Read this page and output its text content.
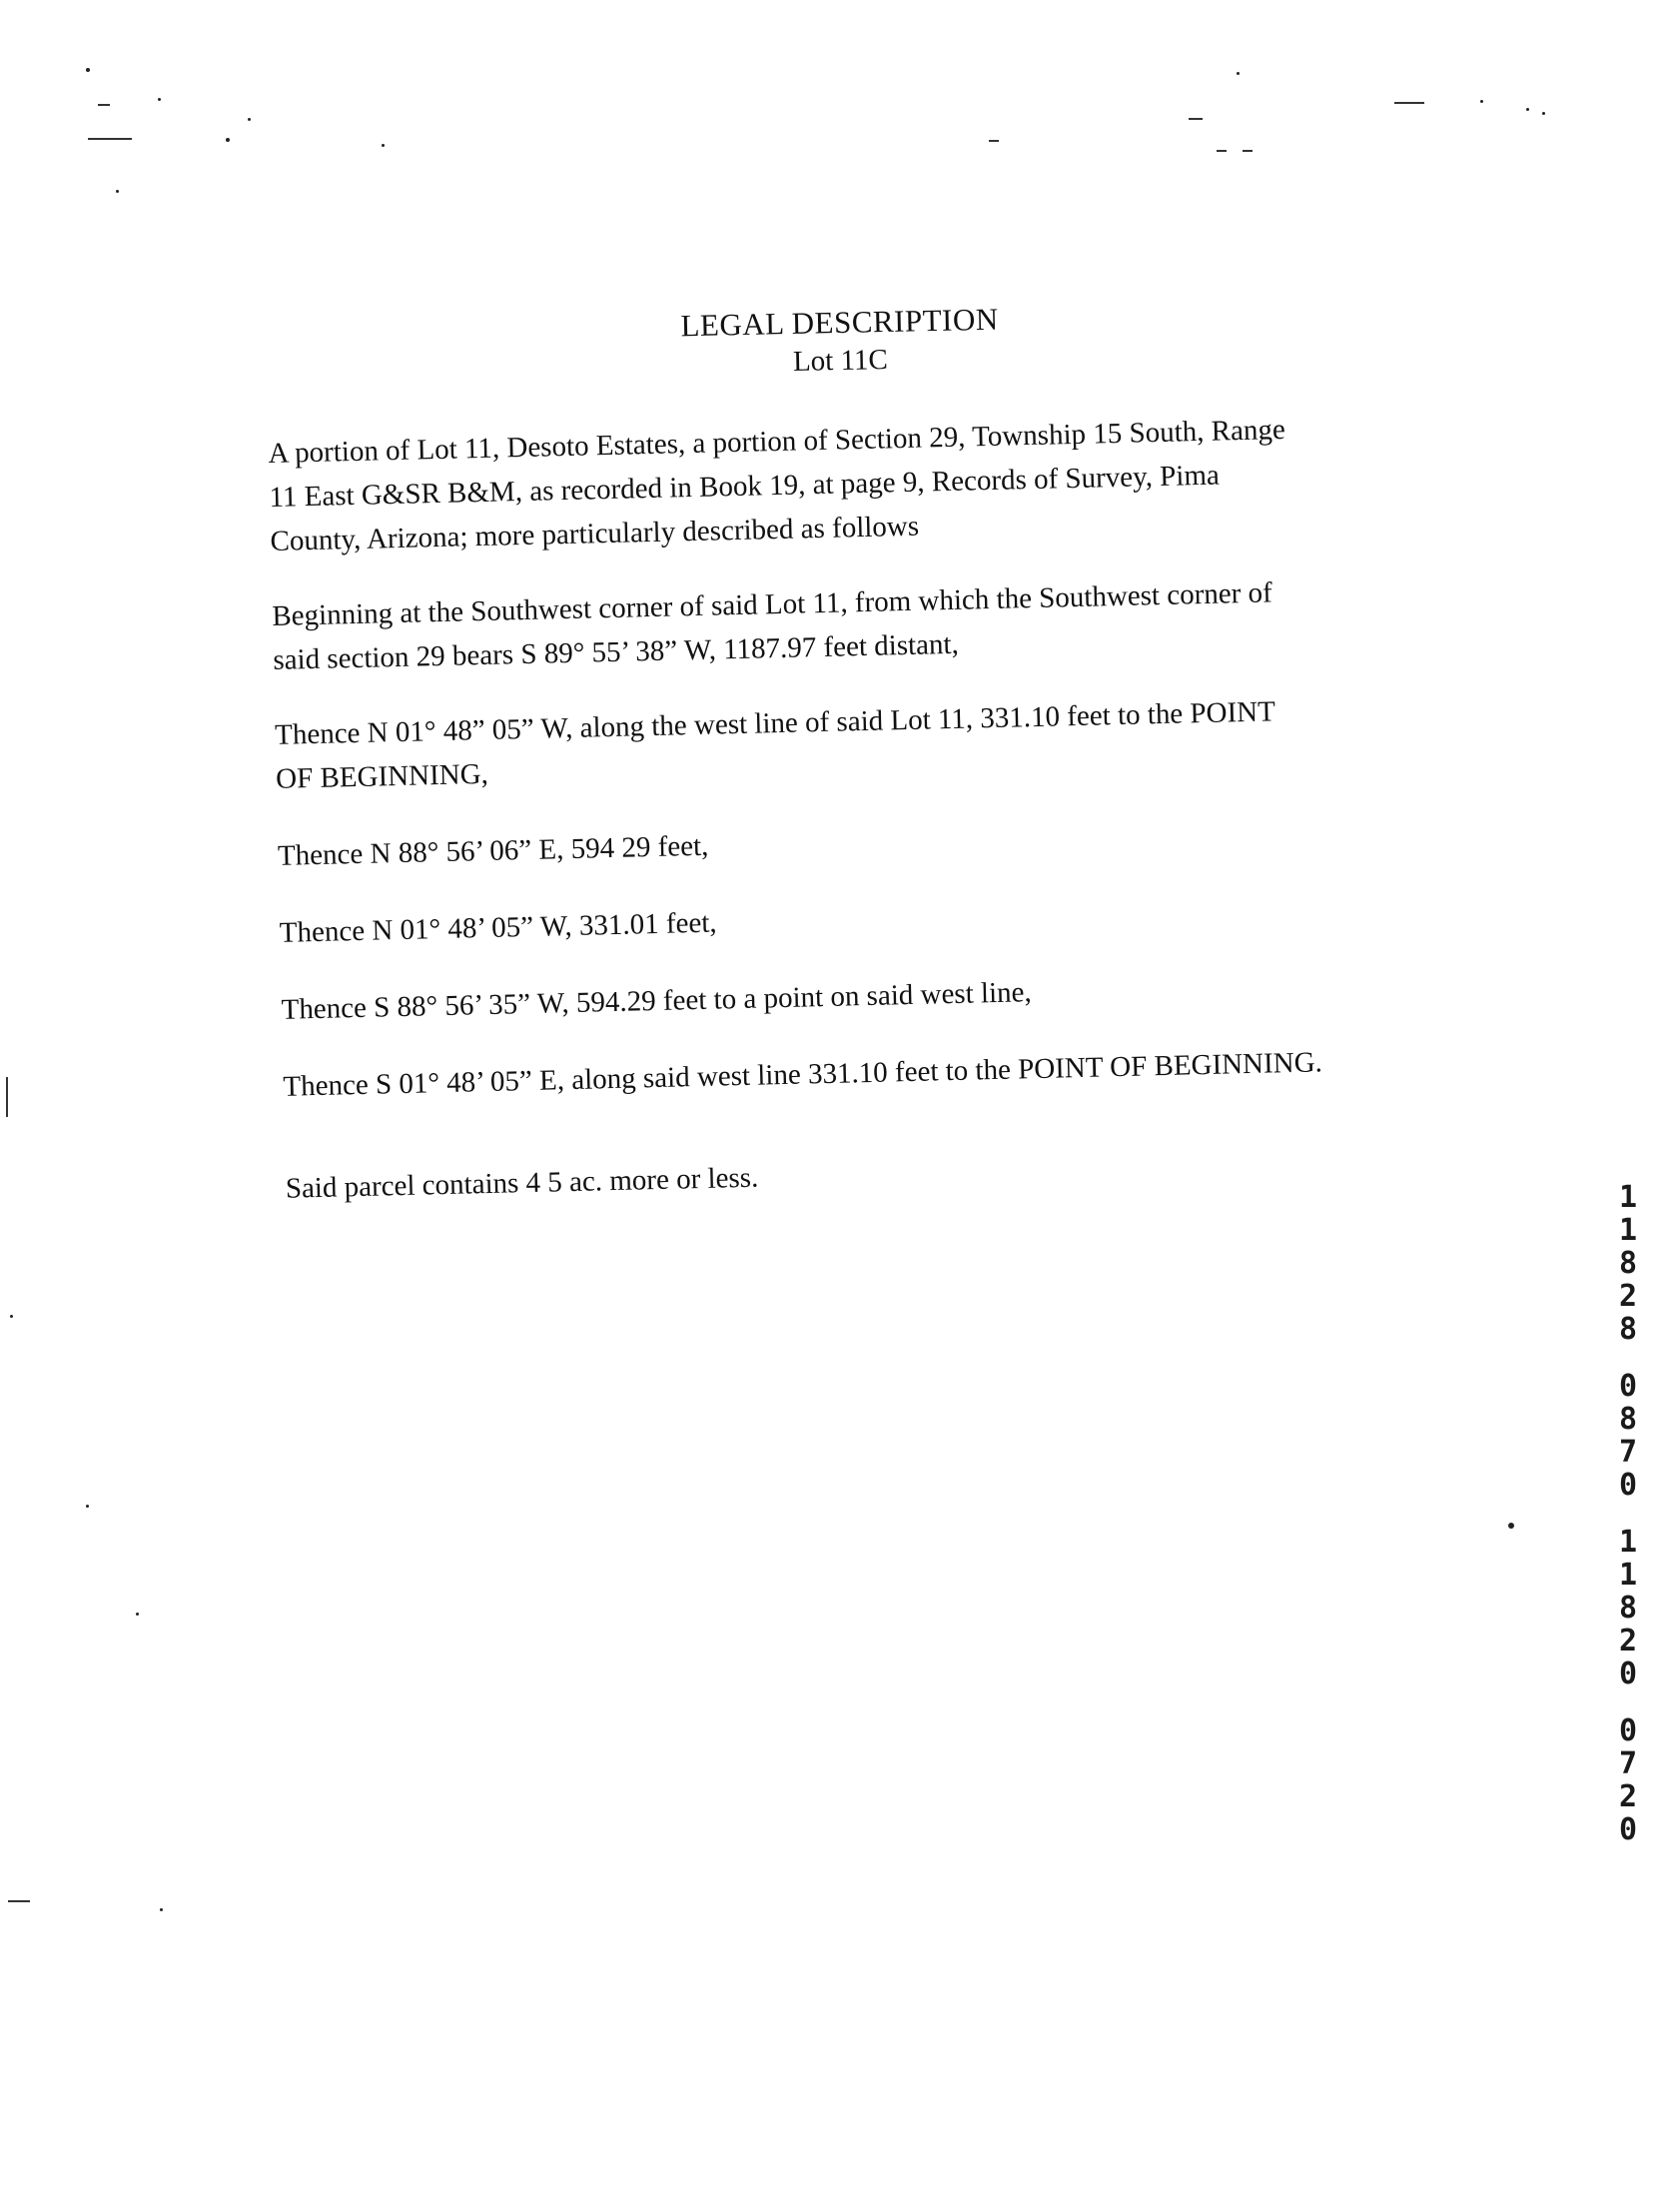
LEGAL DESCRIPTION
Lot 11C

A portion of Lot 11, Desoto Estates, a portion of Section 29, Township 15 South, Range
11 East G&SR B&M, as recorded in Book 19, at page 9, Records of Survey, Pima
County, Arizona; more particularly described as follows

Beginning at the Southwest corner of said Lot 11, from which the Southwest corner of
said section 29 bears S 89° 55’ 38” W, 1187.97 feet distant,

Thence N 01° 48” 05” W, along the west line of said Lot 11, 331.10 feet to the POINT
OF BEGINNING,

Thence N 88° 56’ 06” E, 594 29 feet,

Thence N 01° 48’ 05” W, 331.01 feet,

Thence S 88° 56’ 35” W, 594.29 feet to a point on said west line,

Thence S 01° 48’ 05” E, along said west line 331.10 feet to the POINT OF BEGINNING.

Said parcel contains 4 5 ac. more or less.	1
1
8
2
8
0
8
7
0
1
1
8
2
0
0
7
2
0
